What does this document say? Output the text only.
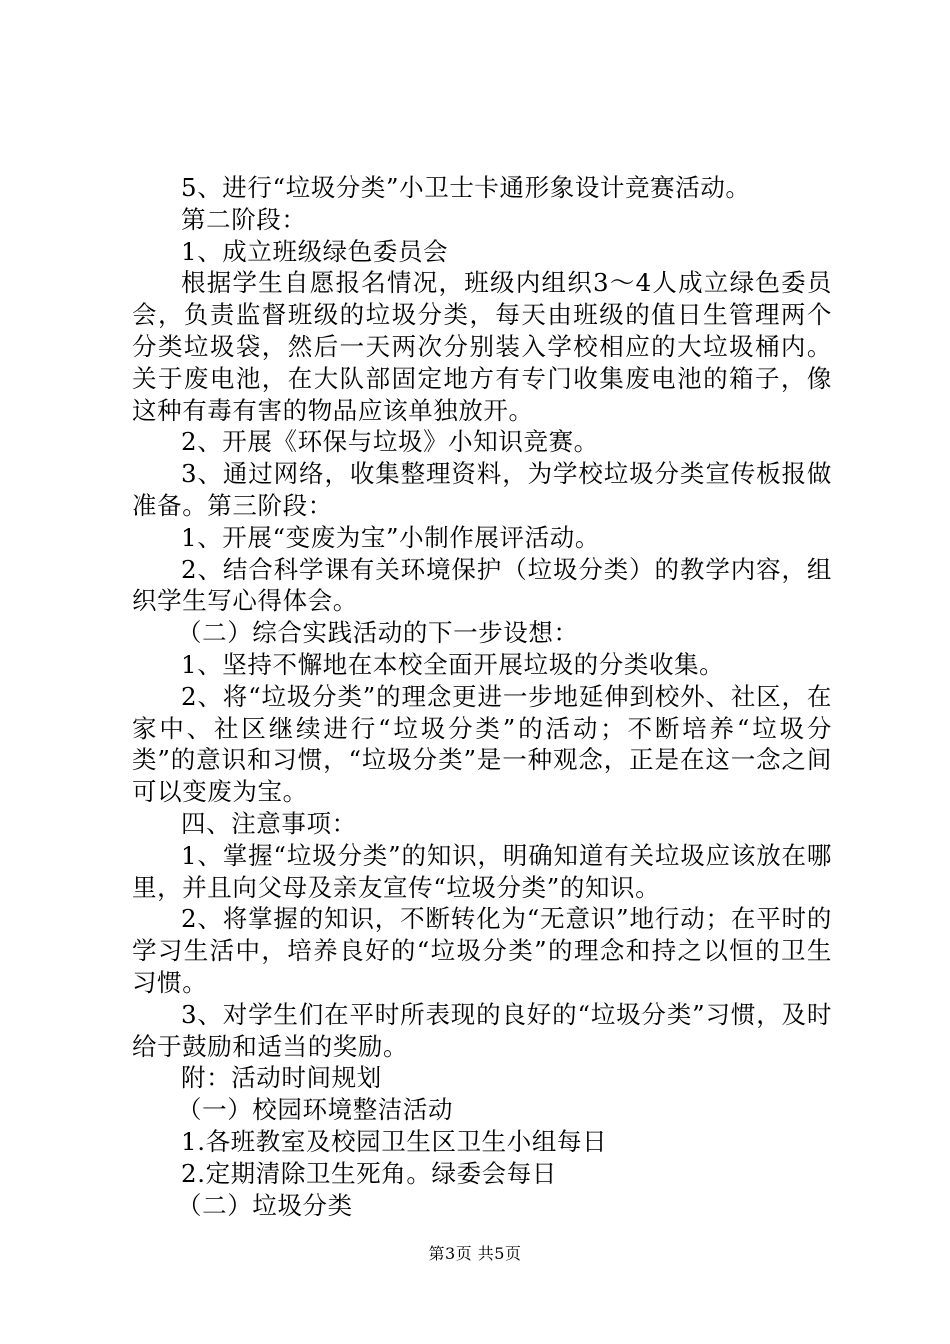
5、进行“垃圾分类”小卫士卡通形象设计竞赛活动。

第二阶段：

1、成立班级绿色委员会

根据学生自愿报名情况，班级内组织3～4人成立绿色委员会，负责监督班级的垃圾分类，每天由班级的值日生管理两个分类垃圾袋，然后一天两次分别装入学校相应的大垃圾桶内。关于废电池，在大队部固定地方有专门收集废电池的箱子，像这种有毒有害的物品应该单独放开。

2、开展《环保与垃圾》小知识竞赛。

3、通过网络，收集整理资料，为学校垃圾分类宣传板报做准备。第三阶段：

1、开展“变废为宝”小制作展评活动。

2、结合科学课有关环境保护（垃圾分类）的教学内容，组织学生写心得体会。

（二）综合实践活动的下一步设想：

1、坚持不懈地在本校全面开展垃圾的分类收集。

2、将“垃圾分类”的理念更进一步地延伸到校外、社区，在家中、社区继续进行“垃圾分类”的活动；不断培养“垃圾分类”的意识和习惯，“垃圾分类”是一种观念，正是在这一念之间可以变废为宝。

四、注意事项：

1、掌握“垃圾分类”的知识，明确知道有关垃圾应该放在哪里，并且向父母及亲友宣传“垃圾分类”的知识。

2、将掌握的知识，不断转化为“无意识”地行动；在平时的学习生活中，培养良好的“垃圾分类”的理念和持之以恒的卫生习惯。

3、对学生们在平时所表现的良好的“垃圾分类”习惯，及时给于鼓励和适当的奖励。

附：活动时间规划

（一）校园环境整洁活动

1.各班教室及校园卫生区卫生小组每日

2.定期清除卫生死角。绿委会每日

（二）垃圾分类

第3页 共5页
